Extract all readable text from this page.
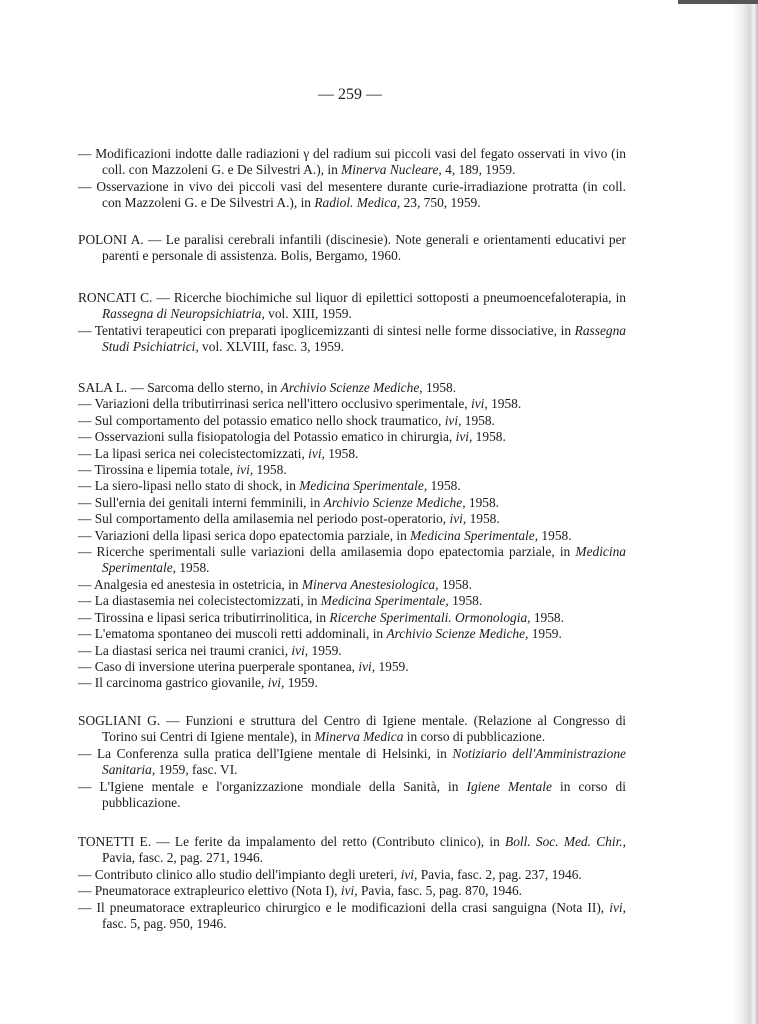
— 259 —
— Modificazioni indotte dalle radiazioni γ del radium sui piccoli vasi del fegato osservati in vivo (in coll. con Mazzoleni G. e De Silvestri A.), in Minerva Nucleare, 4, 189, 1959.
— Osservazione in vivo dei piccoli vasi del mesentere durante curie-irradiazione protratta (in coll. con Mazzoleni G. e De Silvestri A.), in Radiol. Medica, 23, 750, 1959.
POLONI A. — Le paralisi cerebrali infantili (discinesie). Note generali e orientamenti educativi per parenti e personale di assistenza. Bolis, Bergamo, 1960.
RONCATI C. — Ricerche biochimiche sul liquor di epilettici sottoposti a pneumoencefaloterapia, in Rassegna di Neuropsichiatria, vol. XIII, 1959.
— Tentativi terapeutici con preparati ipoglicemizzanti di sintesi nelle forme dissociative, in Rassegna Studi Psichiatrici, vol. XLVIII, fasc. 3, 1959.
SALA L. — Sarcoma dello sterno, in Archivio Scienze Mediche, 1958.
— Variazioni della tributirrinasi serica nell'ittero occlusivo sperimentale, ivi, 1958.
— Sul comportamento del potassio ematico nello shock traumatico, ivi, 1958.
— Osservazioni sulla fisiopatologia del Potassio ematico in chirurgia, ivi, 1958.
— La lipasi serica nei colecistectomizzati, ivi, 1958.
— Tirossina e lipemia totale, ivi, 1958.
— La siero-lipasi nello stato di shock, in Medicina Sperimentale, 1958.
— Sull'ernia dei genitali interni femminili, in Archivio Scienze Mediche, 1958.
— Sul comportamento della amilasemia nel periodo post-operatorio, ivi, 1958.
— Variazioni della lipasi serica dopo epatectomia parziale, in Medicina Sperimentale, 1958.
— Ricerche sperimentali sulle variazioni della amilasemia dopo epatectomia parziale, in Medicina Sperimentale, 1958.
— Analgesia ed anestesia in ostetricia, in Minerva Anestesiologica, 1958.
— La diastasemia nei colecistectomizzati, in Medicina Sperimentale, 1958.
— Tirossina e lipasi serica tributirrinolitica, in Ricerche Sperimentali. Ormonologia, 1958.
— L'ematoma spontaneo dei muscoli retti addominali, in Archivio Scienze Mediche, 1959.
— La diastasi serica nei traumi cranici, ivi, 1959.
— Caso di inversione uterina puerperale spontanea, ivi, 1959.
— Il carcinoma gastrico giovanile, ivi, 1959.
SOGLIANI G. — Funzioni e struttura del Centro di Igiene mentale. (Relazione al Congresso di Torino sui Centri di Igiene mentale), in Minerva Medica in corso di pubblicazione.
— La Conferenza sulla pratica dell'Igiene mentale di Helsinki, in Notiziario dell'Amministrazione Sanitaria, 1959, fasc. VI.
— L'Igiene mentale e l'organizzazione mondiale della Sanità, in Igiene Mentale in corso di pubblicazione.
TONETTI E. — Le ferite da impalamento del retto (Contributo clinico), in Boll. Soc. Med. Chir., Pavia, fasc. 2, pag. 271, 1946.
— Contributo clinico allo studio dell'impianto degli ureteri, ivi, Pavia, fasc. 2, pag. 237, 1946.
— Pneumatorace extrapleurico elettivo (Nota I), ivi, Pavia, fasc. 5, pag. 870, 1946.
— Il pneumatorace extrapleurico chirurgico e le modificazioni della crasi sanguigna (Nota II), ivi, fasc. 5, pag. 950, 1946.
